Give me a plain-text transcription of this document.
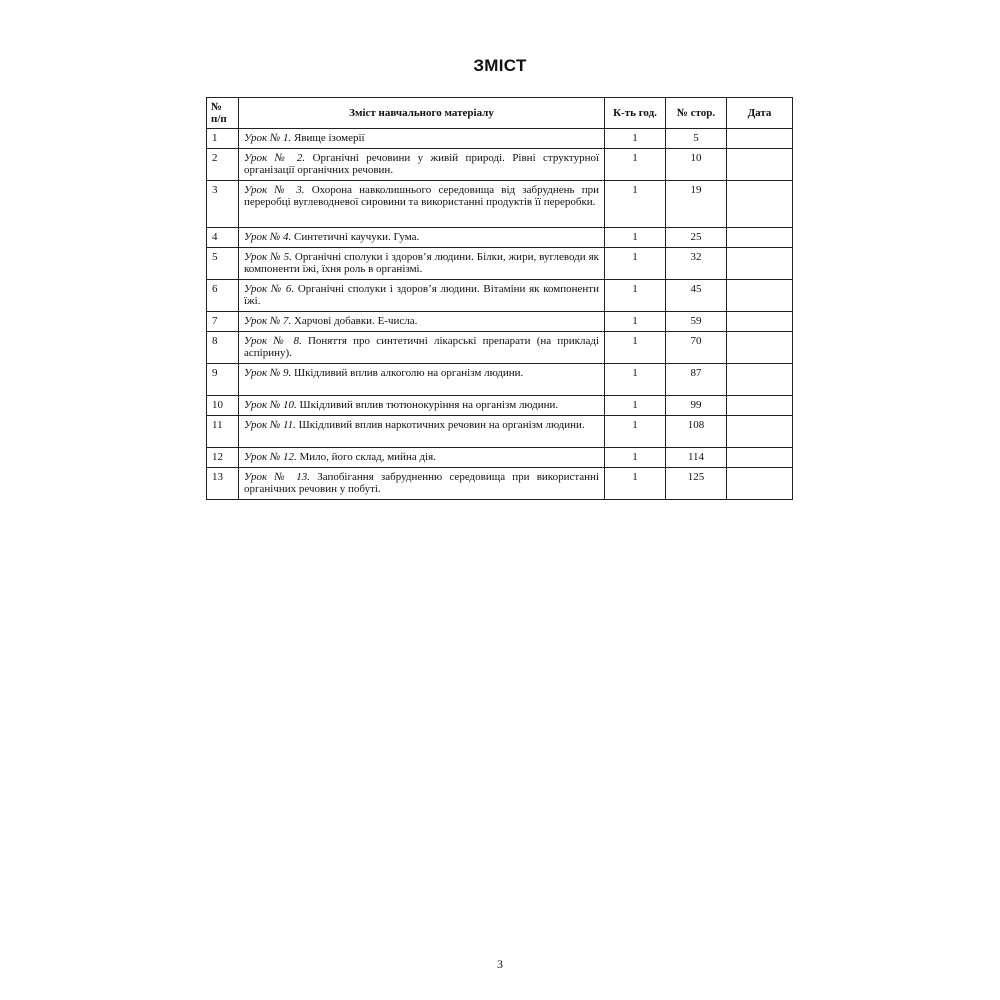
ЗМІСТ
№
п/п	Зміст навчального матеріалу	К-ть год.	№ стор.	Дата
1	Урок № 1. Явище ізомерії	1	5	
2	Урок № 2. Органічні речовини у живій природі. Рівні структурної організації органічних речовин.	1	10	
3	Урок № 3. Охорона навколишнього середовища від забруднень при переробці вуглеводневої сировини та використанні продуктів її переробки.	1	19	
4	Урок № 4. Синтетичні каучуки. Гума.	1	25	
5	Урок № 5. Органічні сполуки і здоров’я людини. Білки, жири, вуглеводи як компоненти їжі, їхня роль в організмі.	1	32	
6	Урок № 6. Органічні сполуки і здоров’я людини. Вітаміни як компоненти їжі.	1	45	
7	Урок № 7. Харчові добавки. Е-числа.	1	59	
8	Урок № 8. Поняття про синтетичні лікарські препарати (на прикладі аспірину).	1	70	
9	Урок № 9. Шкідливий вплив алкоголю на організм людини.	1	87	
10	Урок № 10. Шкідливий вплив тютюнокуріння на організм людини.	1	99	
11	Урок № 11. Шкідливий вплив наркотичних речовин на організм людини.	1	108	
12	Урок № 12. Мило, його склад, мийна дія.	1	114	
13	Урок № 13. Запобігання забрудненню середовища при використанні органічних речовин у побуті.	1	125	
3
